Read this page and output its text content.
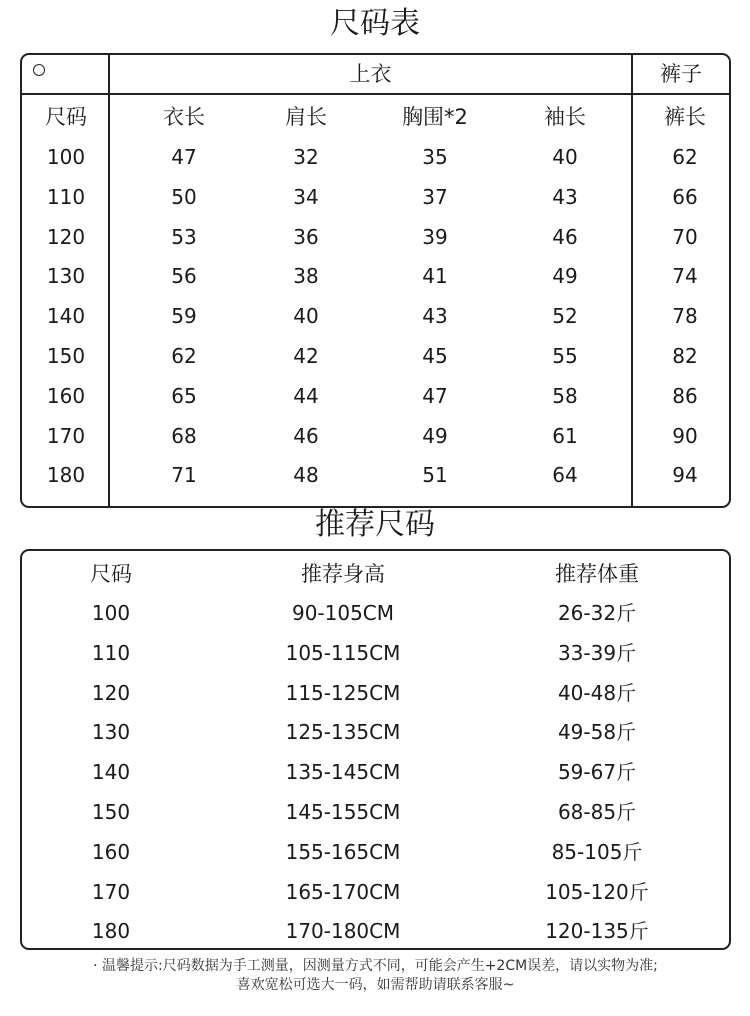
尺码表
上衣	裤子
尺码	衣长	肩长	胸围*2	袖长	裤长
100	47	32	35	40	62
110	50	34	37	43	66
120	53	36	39	46	70
130	56	38	41	49	74
140	59	40	43	52	78
150	62	42	45	55	82
160	65	44	47	58	86
170	68	46	49	61	90
180	71	48	51	64	94
推荐尺码
尺码	推荐身高	推荐体重
100	90-105CM	26-32斤
110	105-115CM	33-39斤
120	115-125CM	40-48斤
130	125-135CM	49-58斤
140	135-145CM	59-67斤
150	145-155CM	68-85斤
160	155-165CM	85-105斤
170	165-170CM	105-120斤
180	170-180CM	120-135斤
· 温馨提示:尺码数据为手工测量，因测量方式不同，可能会产生+2CM误差，请以实物为准;
喜欢宽松可选大一码，如需帮助请联系客服~
